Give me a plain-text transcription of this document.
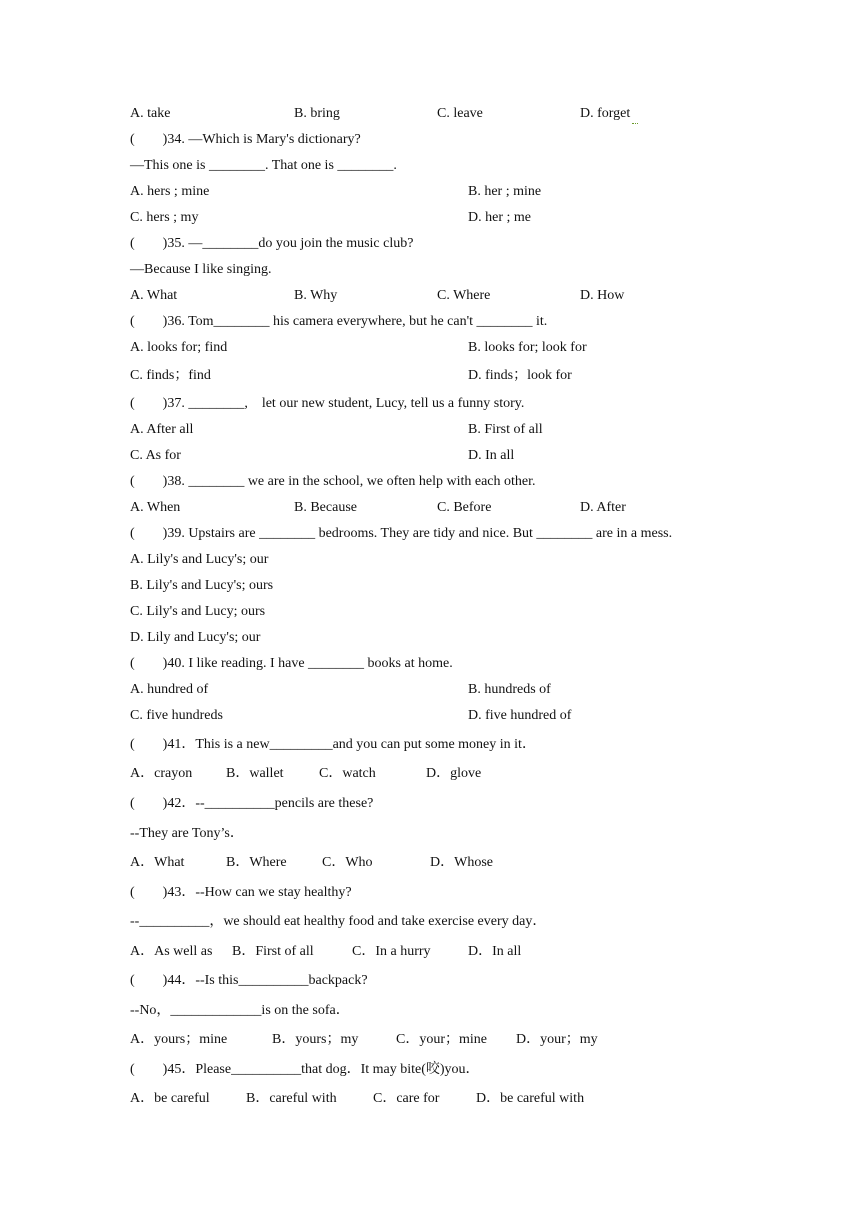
A. take	B. bring	C. leave	D. forget
(        )34. —Which is Mary's dictionary?
—This one is ________. That one is ________.
A. hers ; mine	B. her ; mine
C. hers ; my	D. her ; me
(        )35. —________do you join the music club?
—Because I like singing.
A. What	B. Why	C. Where	D. How
(        )36. Tom________ his camera everywhere, but he can't ________ it.
A. looks for; find	B. looks for; look for
C. finds；find	D. finds；look for
(        )37. ________,    let our new student, Lucy, tell us a funny story.
A. After all	B. First of all
C. As for	D. In all
(        )38. ________ we are in the school, we often help with each other.
A. When	B. Because	C. Before	D. After
(        )39. Upstairs are ________ bedrooms. They are tidy and nice. But ________ are in a mess.
A. Lily's and Lucy's; our
B. Lily's and Lucy's; ours
C. Lily's and Lucy; ours
D. Lily and Lucy's; our
(        )40. I like reading. I have ________ books at home.
A. hundred of	B. hundreds of
C. five hundreds	D. five hundred of
(        )41．This is a new_________and you can put some money in it．
A．crayon B．wallet	C．watch	D．glove
(        )42．--__________pencils are these?
--They are Tony’s．
A．What	B．Where	C．Who	D．Whose
(        )43．--How can we stay healthy?
--__________，we should eat healthy food and take exercise every day．
A．As well as B．First of all	C．In a hurry	D．In all
(        )44．--Is this__________backpack?
--No，_____________is on the sofa．
A．yours；mine	B．yours；my	C．your；mine D．your；my
(        )45．Please__________that dog．It may bite(咬)you．
A．be careful	B．careful with	C．care for	D．be careful with
